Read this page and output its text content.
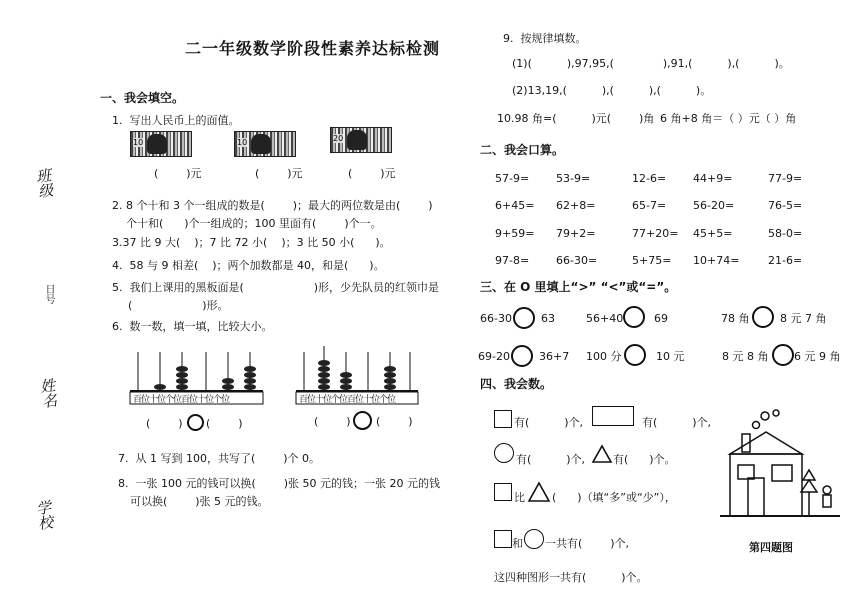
二一年级数学阶段性素养达标检测
班级
日号
姓名
学校
一、我会填空。
1.  写出人民币上的面值。
10	10	20
(        )元	(        )元	(        )元
2. 8 个十和 3 个一组成的数是(        )；最大的两位数是由(        )
个十和(      )个一组成的；100 里面有(        )个一。
3.37 比 9 大(    )；7 比 72 小(    )；3 比 50 小(      )。
4.  58 与 9 相差(    )；两个加数都是 40，和是(      )。
5.  我们上课用的黑板面是(                    )形，少先队员的红领巾是
(                    )形。
6.  数一数，填一填，比较大小。
百位十位个位百位十位个位	百位十位个位百位十位个位
(        ) (        )	(        ) (        )
7.  从 1 写到 100，共写了(        )个 0。
8.  一张 100 元的钱可以换(        )张 50 元的钱；一张 20 元的钱
可以换(        )张 5 元的钱。
9.  按规律填数。
(1)(          ),97,95,(              ),91,(          ),(          )。
(2)13,19,(          ),(          ),(          )。
10.98 角=(          )元(        )角 6 角+8 角＝（ ）元（ ）角
二、我会口算。
57-9= 53-9=	12-6= 44+9=	77-9=
6+45= 62+8=	65-7= 56-20=	76-5=
9+59= 79+2=	77+20= 45+5=	58-0=
97-8= 66-30=	5+75= 10+74=	21-6=
三、在 O 里填上“>” “<”或“=”。
66-30	63	56+40	69	78 角	8 元 7 角
69-20	36+7 100 分	10 元	8 元 8 角 6 元 9 角
四、我会数。
有(          )个,	有(          )个,
有(          )个,	有(      )个。
比 (      )（填“多”或“少”），
和 一共有(        )个,
这四种图形一共有(          )个。
第四题图
